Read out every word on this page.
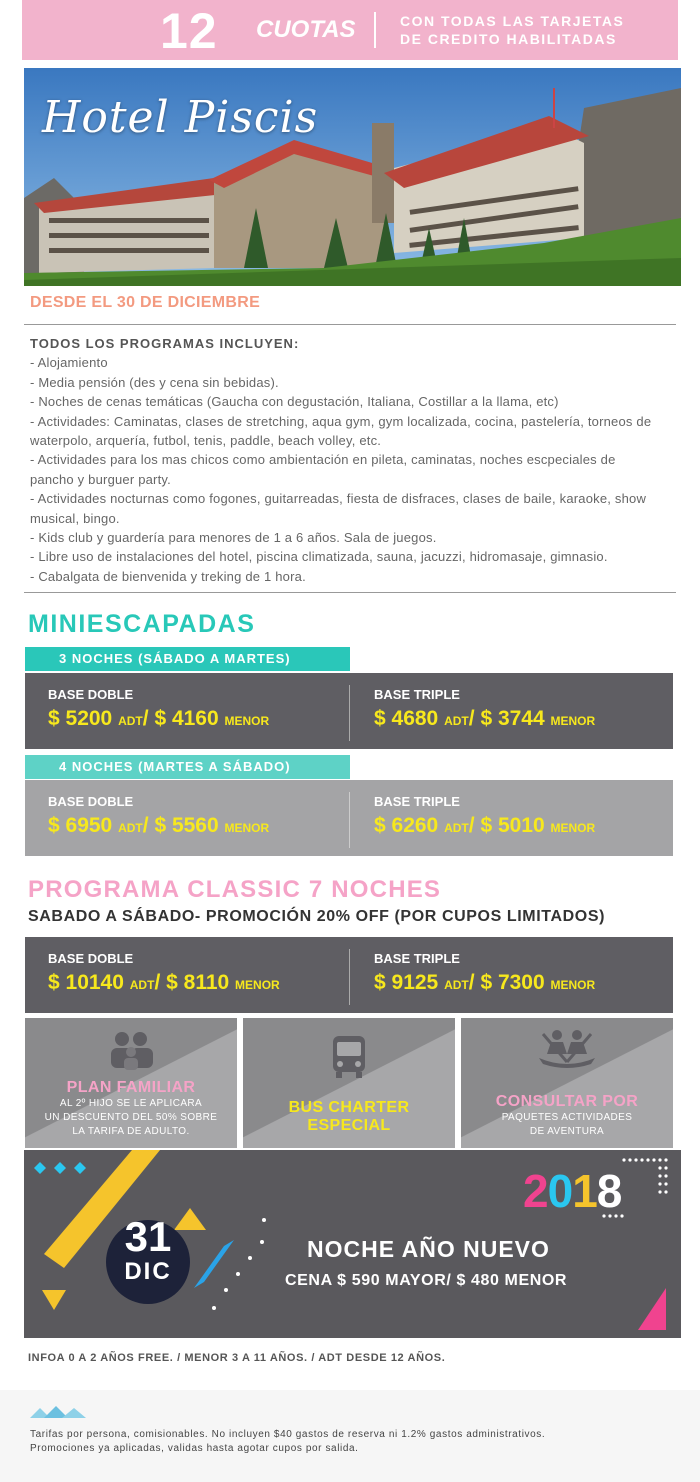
12 CUOTAS	CON TODAS LAS TARJETAS
DE CREDITO HABILITADAS
Hotel Piscis
DESDE EL 30 DE DICIEMBRE
TODOS LOS PROGRAMAS INCLUYEN:
- Alojamiento
- Media pensión (des y cena sin bebidas).
- Noches de cenas temáticas (Gaucha con degustación, Italiana, Costillar a la llama, etc)
- Actividades: Caminatas, clases de stretching, aqua gym, gym localizada, cocina, pastelería, torneos de waterpolo, arquería, futbol, tenis, paddle, beach volley, etc.
- Actividades para los mas chicos como ambientación en pileta, caminatas, noches escpeciales de pancho y burguer party.
- Actividades nocturnas como fogones, guitarreadas, fiesta de disfraces, clases de baile, karaoke, show musical, bingo.
- Kids club y guardería para menores de 1 a 6 años. Sala de juegos.
- Libre uso de instalaciones del hotel, piscina climatizada, sauna, jacuzzi, hidromasaje, gimnasio.
- Cabalgata de bienvenida y treking de 1 hora.
MINIESCAPADAS
3 NOCHES (SÁBADO A MARTES)
BASE DOBLE
$ 5200 ADT/ $ 4160 MENOR
BASE TRIPLE
$ 4680 ADT/ $ 3744 MENOR
4 NOCHES (MARTES A SÁBADO)
BASE DOBLE
$ 6950 ADT/ $ 5560 MENOR
BASE TRIPLE
$ 6260 ADT/ $ 5010 MENOR
PROGRAMA CLASSIC 7 NOCHES
SABADO A SÁBADO- PROMOCIÓN 20% OFF (POR CUPOS LIMITADOS)
BASE DOBLE
$ 10140 ADT/ $ 8110 MENOR
BASE TRIPLE
$ 9125 ADT/ $ 7300 MENOR
PLAN FAMILIAR
AL 2º HIJO SE LE APLICARA
UN DESCUENTO DEL 50% SOBRE
LA TARIFA DE ADULTO.
BUS CHARTER
ESPECIAL
CONSULTAR POR
PAQUETES ACTIVIDADES
DE AVENTURA
31
DIC
2018
NOCHE AÑO NUEVO
CENA $ 590 MAYOR/ $ 480 MENOR
INFOA 0 A 2 AÑOS FREE. / MENOR 3 A 11 AÑOS. / ADT DESDE 12 AÑOS.
Tarifas por persona, comisionables. No incluyen $40 gastos de reserva ni 1.2% gastos administrativos.
Promociones ya aplicadas, validas hasta agotar cupos por salida.
